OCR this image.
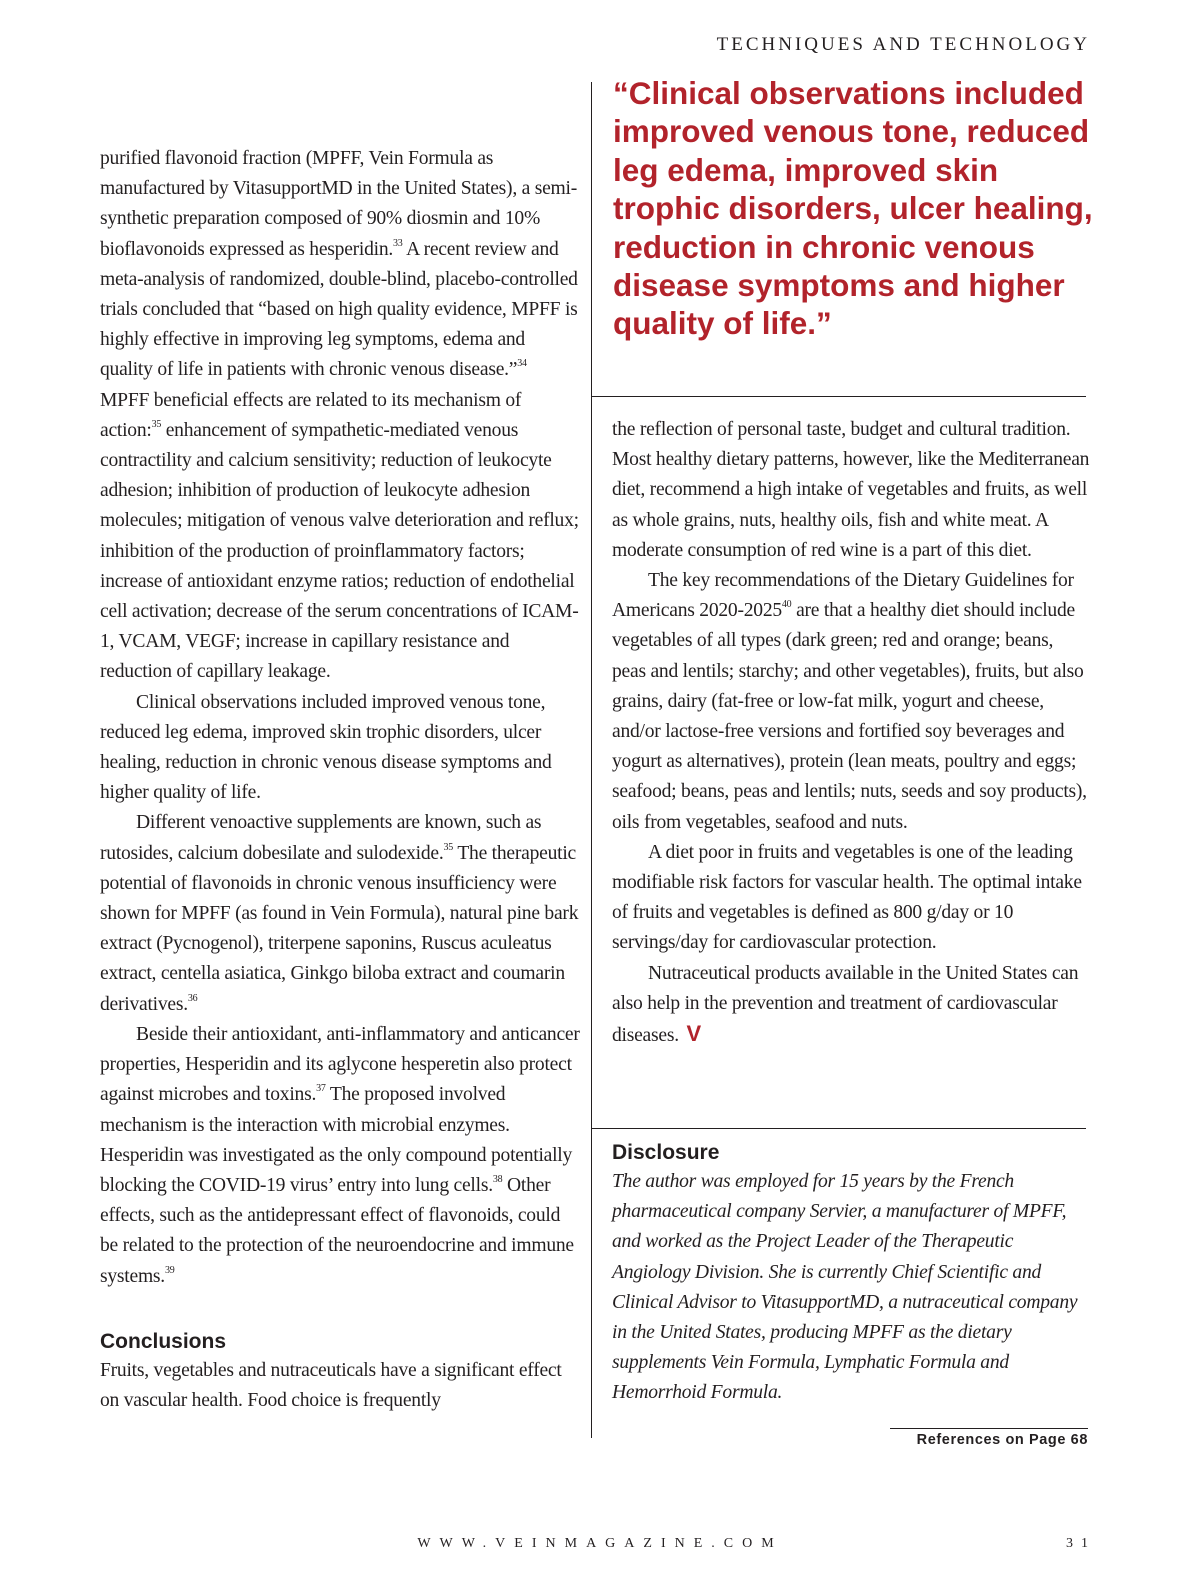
TECHNIQUES AND TECHNOLOGY

“Clinical observations included improved venous tone, reduced leg edema, improved skin trophic disorders, ulcer healing, reduction in chronic venous disease symptoms and higher quality of life.”

purified flavonoid fraction (MPFF, Vein Formula as manufactured by VitasupportMD in the United States), a semi-synthetic preparation composed of 90% diosmin and 10% bioflavonoids expressed as hesperidin.$^{33}$ A recent review and meta-analysis of randomized, double-blind, placebo-controlled trials concluded that “based on high quality evidence, MPFF is highly effective in improving leg symptoms, edema and quality of life in patients with chronic venous disease.”$^{34}$ MPFF beneficial effects are related to its mechanism of action:$^{35}$ enhancement of sympathetic-mediated venous contractility and calcium sensitivity; reduction of leukocyte adhesion; inhibition of production of leukocyte adhesion molecules; mitigation of venous valve deterioration and reflux; inhibition of the production of proinflammatory factors; increase of antioxidant enzyme ratios; reduction of endothelial cell activation; decrease of the serum concentrations of ICAM-1, VCAM, VEGF; increase in capillary resistance and reduction of capillary leakage.

Clinical observations included improved venous tone, reduced leg edema, improved skin trophic disorders, ulcer healing, reduction in chronic venous disease symptoms and higher quality of life.

Different venoactive supplements are known, such as rutosides, calcium dobesilate and sulodexide.$^{35}$ The therapeutic potential of flavonoids in chronic venous insufficiency were shown for MPFF (as found in Vein Formula), natural pine bark extract (Pycnogenol), triterpene saponins, Ruscus aculeatus extract, centella asiatica, Ginkgo biloba extract and coumarin derivatives.$^{36}$

Beside their antioxidant, anti-inflammatory and anticancer properties, Hesperidin and its aglycone hesperetin also protect against microbes and toxins.$^{37}$ The proposed involved mechanism is the interaction with microbial enzymes. Hesperidin was investigated as the only compound potentially blocking the COVID-19 virus’ entry into lung cells.$^{38}$ Other effects, such as the antidepressant effect of flavonoids, could be related to the protection of the neuroendocrine and immune systems.$^{39}$

Conclusions

Fruits, vegetables and nutraceuticals have a significant effect on vascular health. Food choice is frequently

the reflection of personal taste, budget and cultural tradition. Most healthy dietary patterns, however, like the Mediterranean diet, recommend a high intake of vegetables and fruits, as well as whole grains, nuts, healthy oils, fish and white meat. A moderate consumption of red wine is a part of this diet.

The key recommendations of the Dietary Guidelines for Americans 2020-2025$^{40}$ are that a healthy diet should include vegetables of all types (dark green; red and orange; beans, peas and lentils; starchy; and other vegetables), fruits, but also grains, dairy (fat-free or low-fat milk, yogurt and cheese, and/or lactose-free versions and fortified soy beverages and yogurt as alternatives), protein (lean meats, poultry and eggs; seafood; beans, peas and lentils; nuts, seeds and soy products), oils from vegetables, seafood and nuts.

A diet poor in fruits and vegetables is one of the leading modifiable risk factors for vascular health. The optimal intake of fruits and vegetables is defined as 800 g/day or 10 servings/day for cardiovascular protection.

Nutraceutical products available in the United States can also help in the prevention and treatment of cardiovascular diseases. V

Disclosure

The author was employed for 15 years by the French pharmaceutical company Servier, a manufacturer of MPFF, and worked as the Project Leader of the Therapeutic Angiology Division. She is currently Chief Scientific and Clinical Advisor to VitasupportMD, a nutraceutical company in the United States, producing MPFF as the dietary supplements Vein Formula, Lymphatic Formula and Hemorrhoid Formula.

References on Page 68
WWW.VEINMAGAZINE.COM	31
